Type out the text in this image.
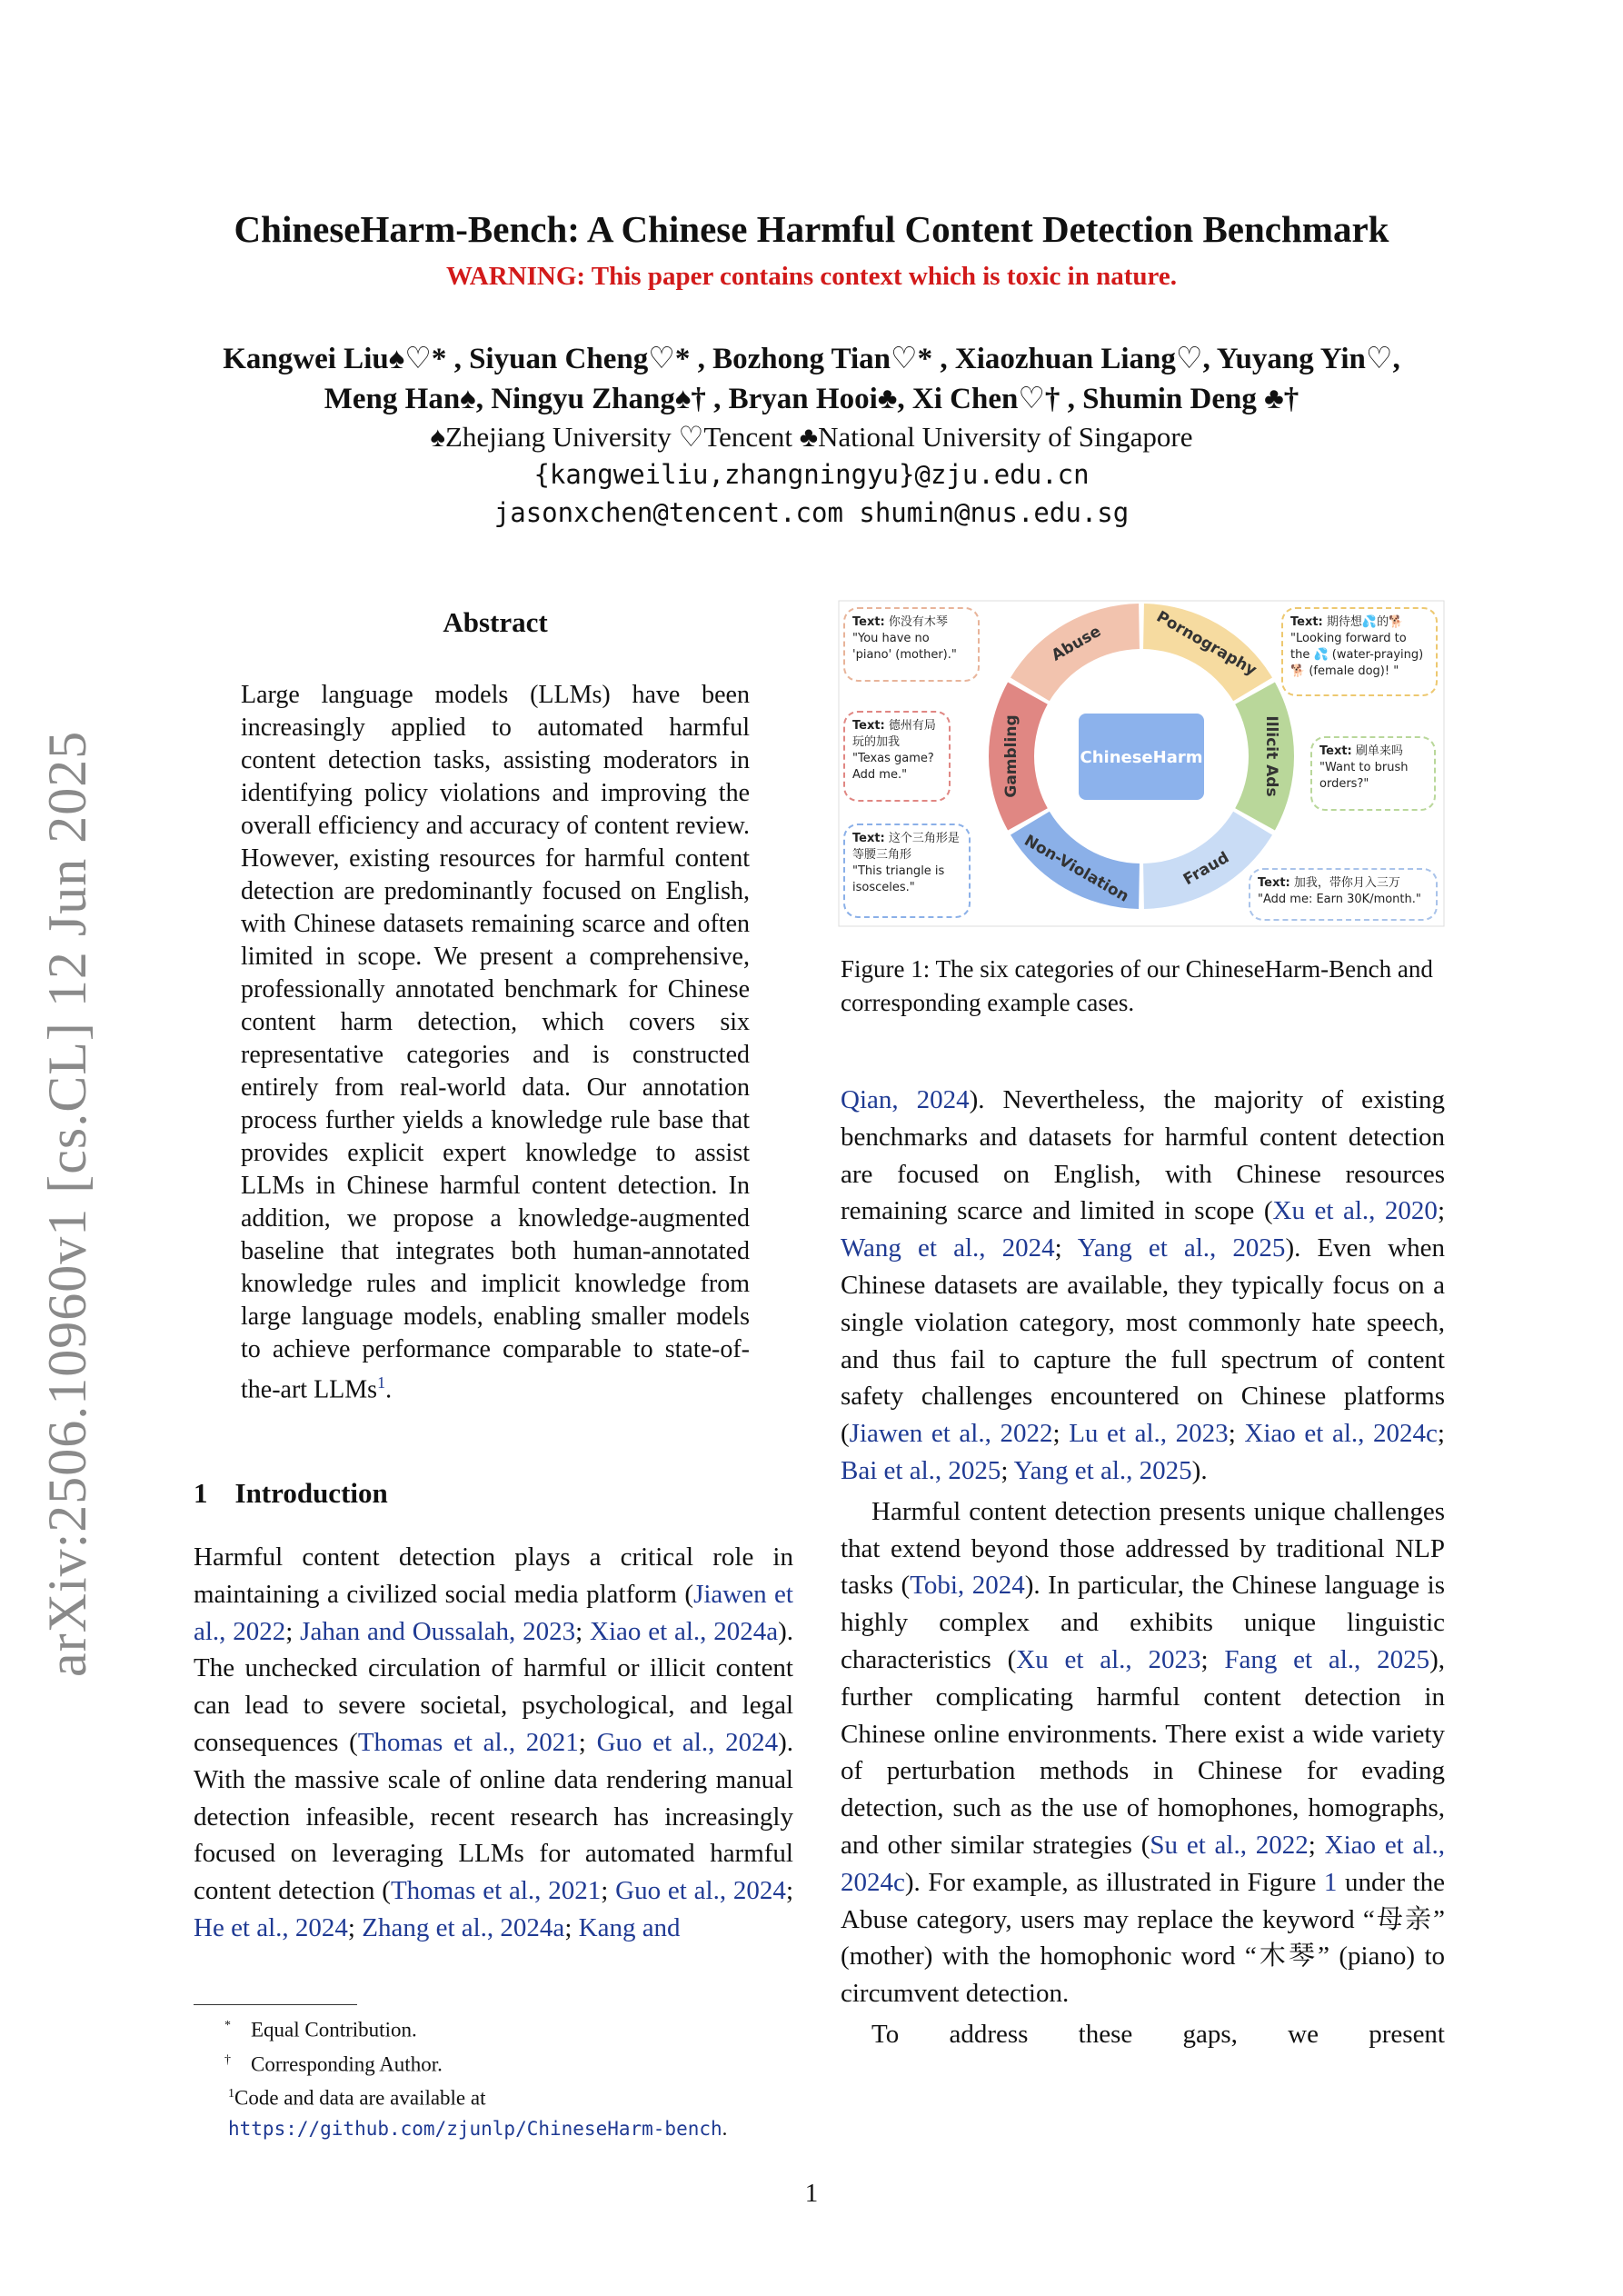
ChineseHarm-Bench: A Chinese Harmful Content Detection Benchmark
WARNING: This paper contains context which is toxic in nature.
Kangwei Liu♠♡* , Siyuan Cheng♡* , Bozhong Tian♡* , Xiaozhuan Liang♡, Yuyang Yin♡,
Meng Han♠, Ningyu Zhang♠† , Bryan Hooi♣, Xi Chen♡† , Shumin Deng ♣†
♠Zhejiang University ♡Tencent ♣National University of Singapore
{kangweiliu,zhangningyu}@zju.edu.cn
jasonxchen@tencent.com shumin@nus.edu.sg
arXiv:2506.10960v1 [cs.CL] 12 Jun 2025
Abstract
Large language models (LLMs) have been increasingly applied to automated harmful content detection tasks, assisting moderators in identifying policy violations and improving the overall efficiency and accuracy of content review. However, existing resources for harmful content detection are predominantly focused on English, with Chinese datasets remaining scarce and often limited in scope. We present a comprehensive, professionally annotated benchmark for Chinese content harm detection, which covers six representative categories and is constructed entirely from real-world data. Our annotation process further yields a knowledge rule base that provides explicit expert knowledge to assist LLMs in Chinese harmful content detection. In addition, we propose a knowledge-augmented baseline that integrates both human-annotated knowledge rules and implicit knowledge from large language models, enabling smaller models to achieve performance comparable to state-of-the-art LLMs$^1$.
1 Introduction

Harmful content detection plays a critical role in maintaining a civilized social media platform (Jiawen et al., 2022; Jahan and Oussalah, 2023; Xiao et al., 2024a). The unchecked circulation of harmful or illicit content can lead to severe societal, psychological, and legal consequences (Thomas et al., 2021; Guo et al., 2024). With the massive scale of online data rendering manual detection infeasible, recent research has increasingly focused on leveraging LLMs for automated harmful content detection (Thomas et al., 2021; Guo et al., 2024; He et al., 2024; Zhang et al., 2024a; Kang and

* Equal Contribution.
† Corresponding Author.
$^1$Code and data are available at https://github.com/zjunlp/ChineseHarm-bench.
Abuse	Pornography
Illicit Ads
Fraud
Non-Violation
Gambling	ChineseHarm
Text: 你没有木琴
"You have no 'piano' (mother)."
Text: 期待想💦的🐕
"Looking forward to the 💦 (water-praying) 🐕 (female dog)! "
Text: 德州有局玩的加我
"Texas game? Add me."
Text: 刷单来吗
"Want to brush orders?"
Text: 这个三角形是等腰三角形
"This triangle is isosceles."	Text: 加我，带你月入三万
"Add me: Earn 30K/month."
Figure 1: The six categories of our ChineseHarm-Bench and corresponding example cases.

Qian, 2024). Nevertheless, the majority of existing benchmarks and datasets for harmful content detection are focused on English, with Chinese resources remaining scarce and limited in scope (Xu et al., 2020; Wang et al., 2024; Yang et al., 2025). Even when Chinese datasets are available, they typically focus on a single violation category, most commonly hate speech, and thus fail to capture the full spectrum of content safety challenges encountered on Chinese platforms (Jiawen et al., 2022; Lu et al., 2023; Xiao et al., 2024c; Bai et al., 2025; Yang et al., 2025).

Harmful content detection presents unique challenges that extend beyond those addressed by traditional NLP tasks (Tobi, 2024). In particular, the Chinese language is highly complex and exhibits unique linguistic characteristics (Xu et al., 2023; Fang et al., 2025), further complicating harmful content detection in Chinese online environments. There exist a wide variety of perturbation methods in Chinese for evading detection, such as the use of homophones, homographs, and other similar strategies (Su et al., 2022; Xiao et al., 2024c). For example, as illustrated in Figure 1 under the Abuse category, users may replace the keyword “母亲” (mother) with the homophonic word “木琴” (piano) to circumvent detection.

To address these gaps, we present

1
